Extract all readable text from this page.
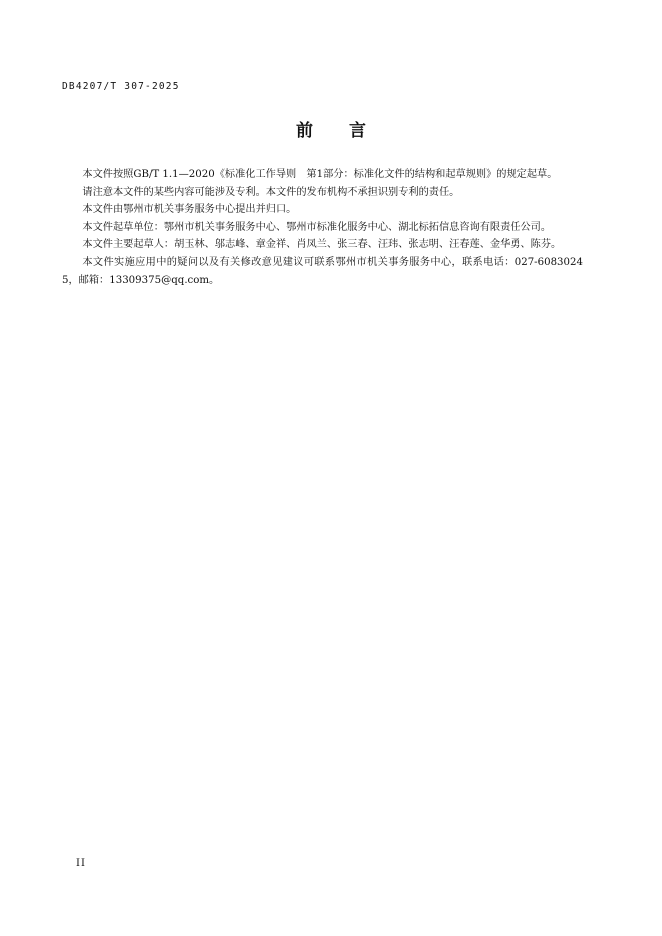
DB4207/T 307-2025
前言

本文件按照GB/T 1.1—2020《标准化工作导则　第1部分：标准化文件的结构和起草规则》的规定起草。

请注意本文件的某些内容可能涉及专利。本文件的发布机构不承担识别专利的责任。

本文件由鄂州市机关事务服务中心提出并归口。

本文件起草单位：鄂州市机关事务服务中心、鄂州市标准化服务中心、湖北标拓信息咨询有限责任公司。

本文件主要起草人：胡玉林、邬志峰、章金祥、肖凤兰、张三春、汪玮、张志明、汪春莲、金华勇、陈芬。

本文件实施应用中的疑问以及有关修改意见建议可联系鄂州市机关事务服务中心，联系电话：027-60830245，邮箱：13309375@qq.com。

II
